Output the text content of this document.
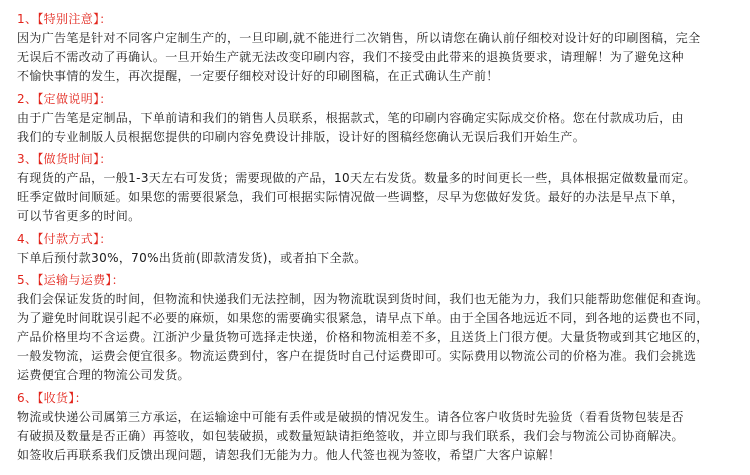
1、【特别注意】：
因为广告笔是针对不同客户定制生产的，一旦印刷,就不能进行二次销售，所以请您在确认前仔细校对设计好的印刷图稿，完全
无误后不需改动了再确认。一旦开始生产就无法改变印刷内容，我们不接受由此带来的退换货要求，请理解！为了避免这种
不愉快事情的发生，再次提醒，一定要仔细校对设计好的印刷图稿，在正式确认生产前！
2、【定做说明】：
由于广告笔是定制品，下单前请和我们的销售人员联系，根据款式，笔的印刷内容确定实际成交价格。您在付款成功后，由
我们的专业制版人员根据您提供的印刷内容免费设计排版，设计好的图稿经您确认无误后我们开始生产。
3、【做货时间】：
有现货的产品，一般1-3天左右可发货；需要现做的产品，10天左右发货。数量多的时间更长一些，具体根据定做数量而定。
旺季定做时间顺延。如果您的需要很紧急，我们可根据实际情况做一些调整，尽早为您做好发货。最好的办法是早点下单，
可以节省更多的时间。
4、【付款方式】：
下单后预付款30%，70%出货前(即款清发货)，或者拍下全款。
5、【运输与运费】：
我们会保证发货的时间，但物流和快递我们无法控制，因为物流耽误到货时间，我们也无能为力，我们只能帮助您催促和查询。
为了避免时间耽误引起不必要的麻烦，如果您的需要确实很紧急，请早点下单。由于全国各地远近不同，到各地的运费也不同，
产品价格里均不含运费。江浙沪少量货物可选择走快递，价格和物流相差不多，且送货上门很方便。大量货物或到其它地区的，
一般发物流，运费会便宜很多。物流运费到付，客户在提货时自己付运费即可。实际费用以物流公司的价格为准。我们会挑选
运费便宜合理的物流公司发货。
6、【收货】：
物流或快递公司属第三方承运，在运输途中可能有丢件或是破损的情况发生。请各位客户收货时先验货（看看货物包装是否
有破损及数量是否正确）再签收，如包装破损，或数量短缺请拒绝签收，并立即与我们联系，我们会与物流公司协商解决。
如签收后再联系我们反馈出现问题，请恕我们无能为力。他人代签也视为签收，希望广大客户谅解！
